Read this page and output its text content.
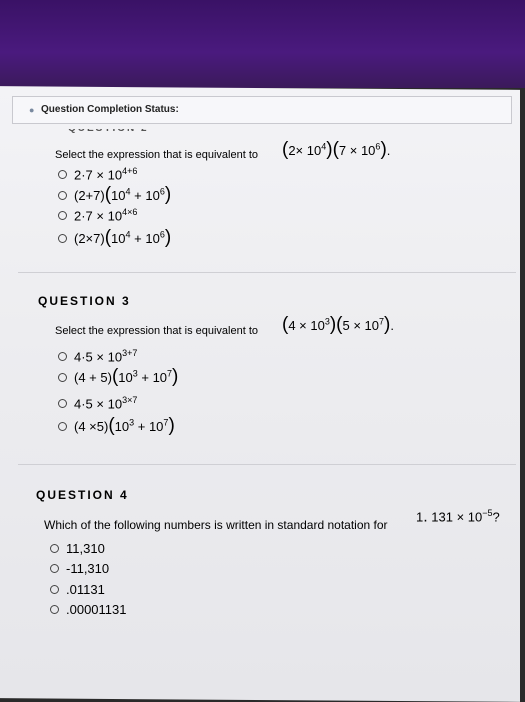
● Question Completion Status:
Select the expression that is equivalent to $(2\times 10^4)(7 \times 10^6)$.
$2\cdot 7 \times 10^{4+6}$
$(2+7)(10^4 + 10^6)$
$2\cdot 7 \times 10^{4\times 6}$
$(2\times 7)(10^4 + 10^6)$
QUESTION 3
Select the expression that is equivalent to $(4 \times 10^3)(5 \times 10^7)$.
$4\cdot 5 \times 10^{3+7}$
$(4 + 5)(10^3 + 10^7)$
$4\cdot 5 \times 10^{3\times 7}$
$(4 \times 5)(10^3 + 10^7)$
QUESTION 4
Which of the following numbers is written in standard notation for
1. $131 \times 10^{-5}$?
11,310
-11,310
.01131
.00001131
